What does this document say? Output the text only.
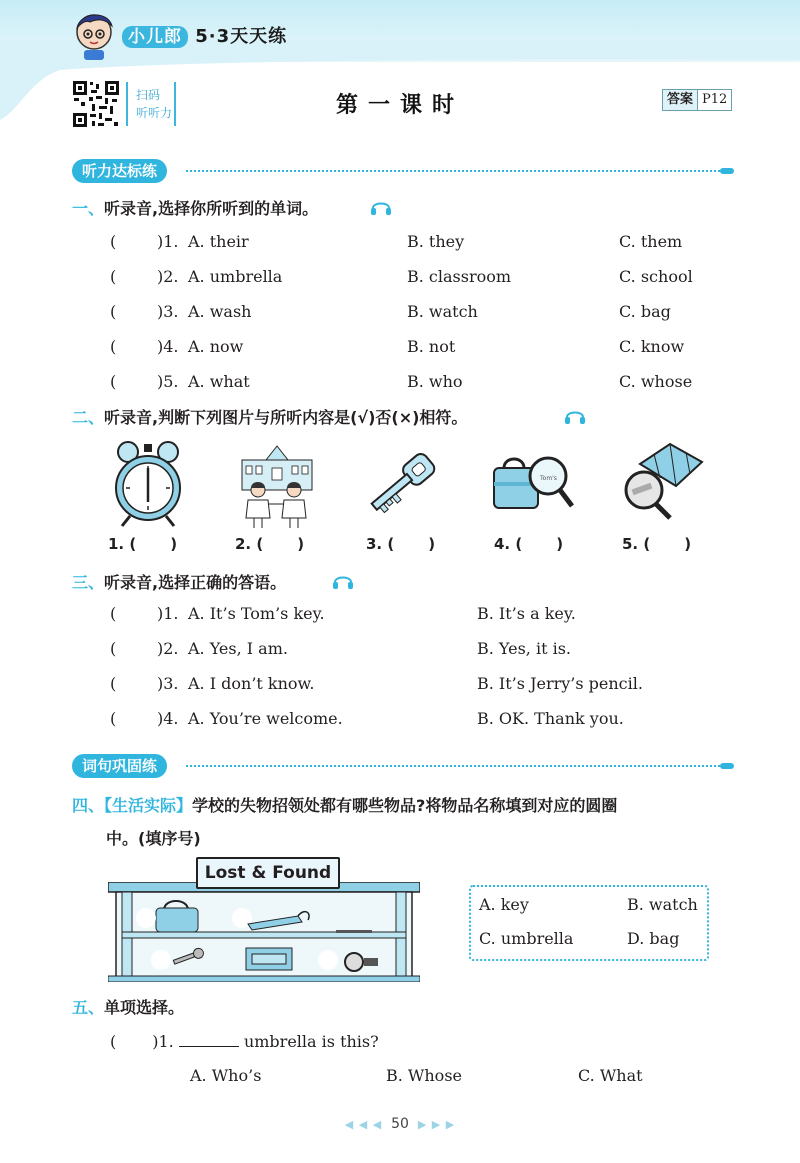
小儿郎 5·3天天练
扫码
听听力	第一课时	答案 P12
听力达标练
一、听录音,选择你所听到的单词。
(	)1. A. their	B. they	C. them
(	)2. A. umbrella	B. classroom	C. school
(	)3. A. wash	B. watch	C. bag
(	)4. A. now	B. not	C. know
(	)5. A. what	B. who	C. whose
二、听录音,判断下列图片与所听内容是(√)否(×)相符。
Tom's
1. ( )	2. ( )	3. ( )	4. ( )	5. ( )
三、听录音,选择正确的答语。
(	)1. A. It’s Tom’s key.	B. It’s a key.
(	)2. A. Yes, I am.	B. Yes, it is.
(	)3. A. I don’t know.	B. It’s Jerry’s pencil.
(	)4. A. You’re welcome.	B. OK. Thank you.
词句巩固练
四、【生活实际】学校的失物招领处都有哪些物品?将物品名称填到对应的圆圈
中。(填序号)
Lost & Found
A. key	B. watch
C. umbrella	D. bag
五、单项选择。
( )1.	umbrella is this?
A. Who’s	B. Whose	C. What
◀ ◀ ◀ 50 ▶ ▶ ▶
